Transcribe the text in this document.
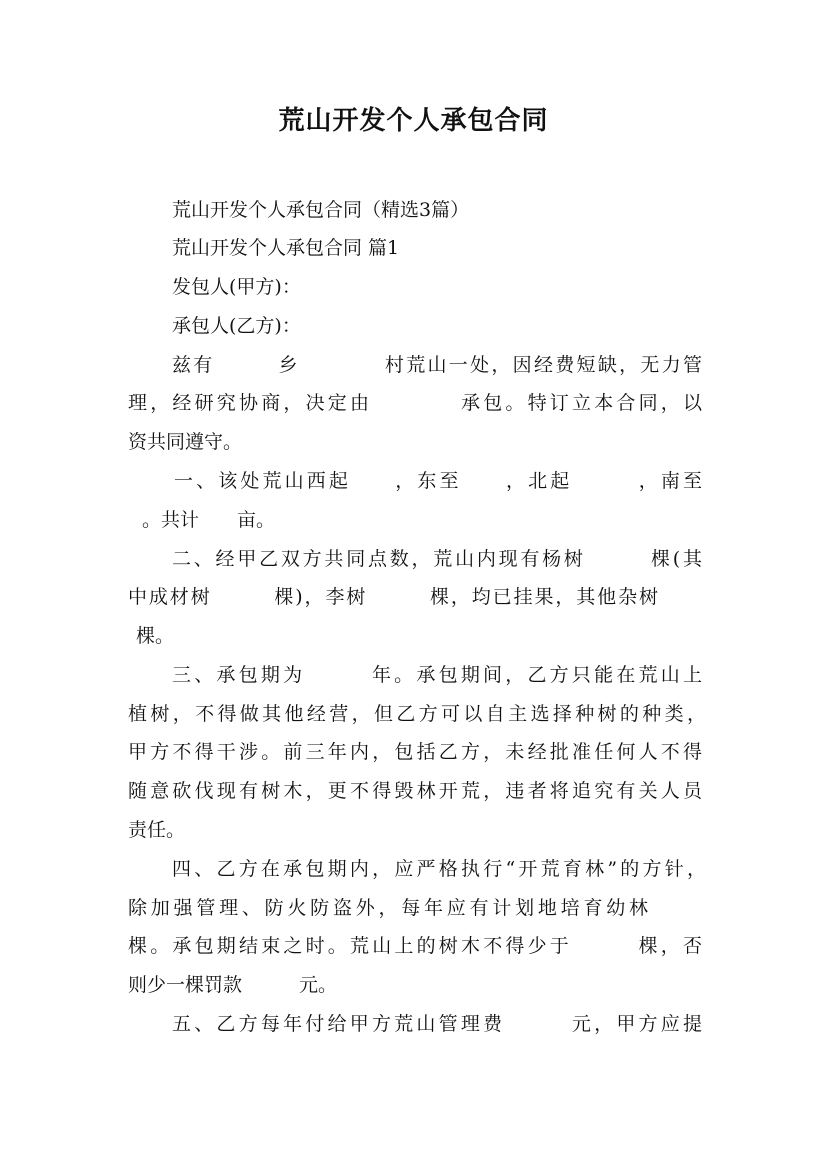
荒山开发个人承包合同
荒山开发个人承包合同（精选3篇）
荒山开发个人承包合同 篇1
发包人(甲方)：
承包人(乙方)：
兹有　　　乡　　　　村荒山一处，因经费短缺，无力管
理，经研究协商，决定由　　　　承包。特订立本合同，以
资共同遵守。
一、该处荒山西起　　，东至　　，北起　　　，南至
。共计　　亩。
二、经甲乙双方共同点数，荒山内现有杨树　　　棵(其
中成材树　　　棵)，李树　　　棵，均已挂果，其他杂树
棵。
三、承包期为　　　年。承包期间，乙方只能在荒山上
植树，不得做其他经营，但乙方可以自主选择种树的种类，
甲方不得干涉。前三年内，包括乙方，未经批准任何人不得
随意砍伐现有树木，更不得毁林开荒，违者将追究有关人员
责任。
四、乙方在承包期内，应严格执行“开荒育林”的方针，
除加强管理、防火防盗外，每年应有计划地培育幼林
棵。承包期结束之时。荒山上的树木不得少于　　　棵，否
则少一棵罚款　　　元。
五、乙方每年付给甲方荒山管理费　　　元，甲方应提
